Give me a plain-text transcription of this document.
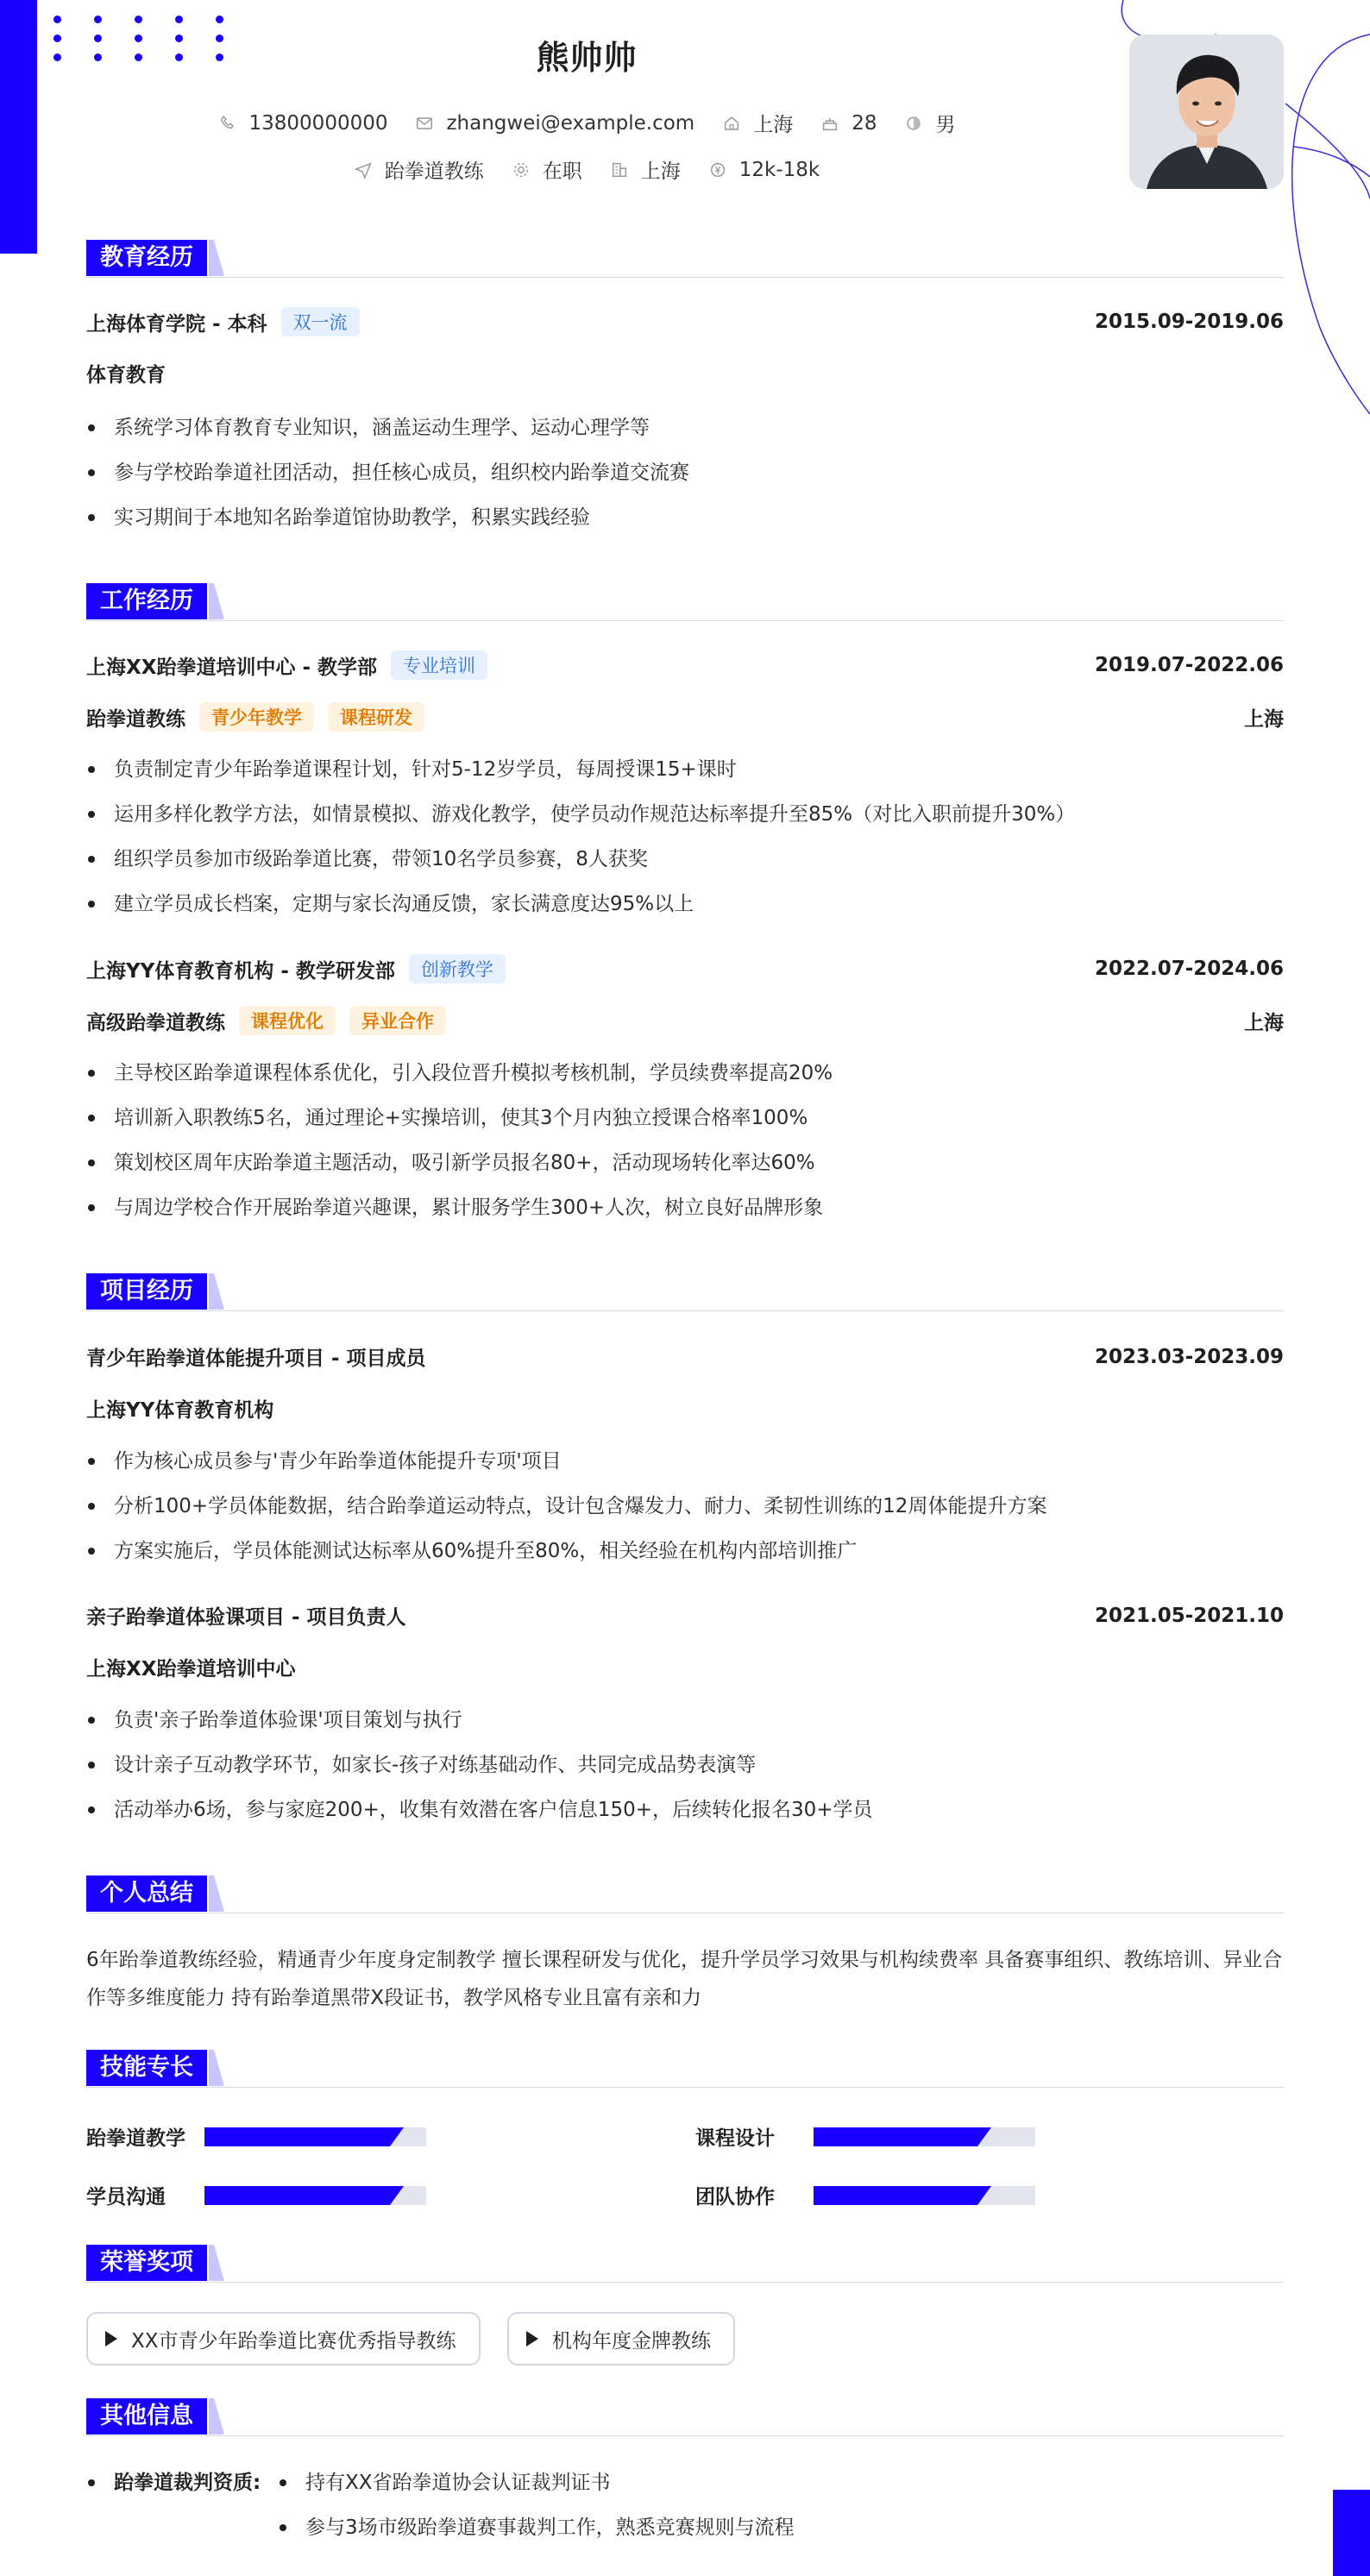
熊帅帅
13800000000	zhangwei@example.com	上海	28	男
跆拳道教练	在职	上海	12k-18k
教育经历
上海体育学院 - 本科	双一流	2015.09-2019.06
体育教育
系统学习体育教育专业知识，涵盖运动生理学、运动心理学等
参与学校跆拳道社团活动，担任核心成员，组织校内跆拳道交流赛
实习期间于本地知名跆拳道馆协助教学，积累实践经验
工作经历
上海XX跆拳道培训中心 - 教学部	专业培训	2019.07-2022.06
跆拳道教练	青少年教学	课程研发	上海
负责制定青少年跆拳道课程计划，针对5-12岁学员，每周授课15+课时
运用多样化教学方法，如情景模拟、游戏化教学，使学员动作规范达标率提升至85%（对比入职前提升30%）
组织学员参加市级跆拳道比赛，带领10名学员参赛，8人获奖
建立学员成长档案，定期与家长沟通反馈，家长满意度达95%以上
上海YY体育教育机构 - 教学研发部	创新教学	2022.07-2024.06
高级跆拳道教练	课程优化	异业合作	上海
主导校区跆拳道课程体系优化，引入段位晋升模拟考核机制，学员续费率提高20%
培训新入职教练5名，通过理论+实操培训，使其3个月内独立授课合格率100%
策划校区周年庆跆拳道主题活动，吸引新学员报名80+，活动现场转化率达60%
与周边学校合作开展跆拳道兴趣课，累计服务学生300+人次，树立良好品牌形象
项目经历
青少年跆拳道体能提升项目 - 项目成员	2023.03-2023.09
上海YY体育教育机构
作为核心成员参与'青少年跆拳道体能提升专项'项目
分析100+学员体能数据，结合跆拳道运动特点，设计包含爆发力、耐力、柔韧性训练的12周体能提升方案
方案实施后，学员体能测试达标率从60%提升至80%，相关经验在机构内部培训推广
亲子跆拳道体验课项目 - 项目负责人	2021.05-2021.10
上海XX跆拳道培训中心
负责'亲子跆拳道体验课'项目策划与执行
设计亲子互动教学环节，如家长-孩子对练基础动作、共同完成品势表演等
活动举办6场，参与家庭200+，收集有效潜在客户信息150+，后续转化报名30+学员
个人总结
6年跆拳道教练经验，精通青少年度身定制教学 擅长课程研发与优化，提升学员学习效果与机构续费率 具备赛事组织、教练培训、异业合作等多维度能力 持有跆拳道黑带X段证书，教学风格专业且富有亲和力
技能专长
跆拳道教学	课程设计
学员沟通	团队协作
荣誉奖项
XX市青少年跆拳道比赛优秀指导教练	机构年度金牌教练
其他信息
跆拳道裁判资质:	持有XX省跆拳道协会认证裁判证书
参与3场市级跆拳道赛事裁判工作，熟悉竞赛规则与流程
